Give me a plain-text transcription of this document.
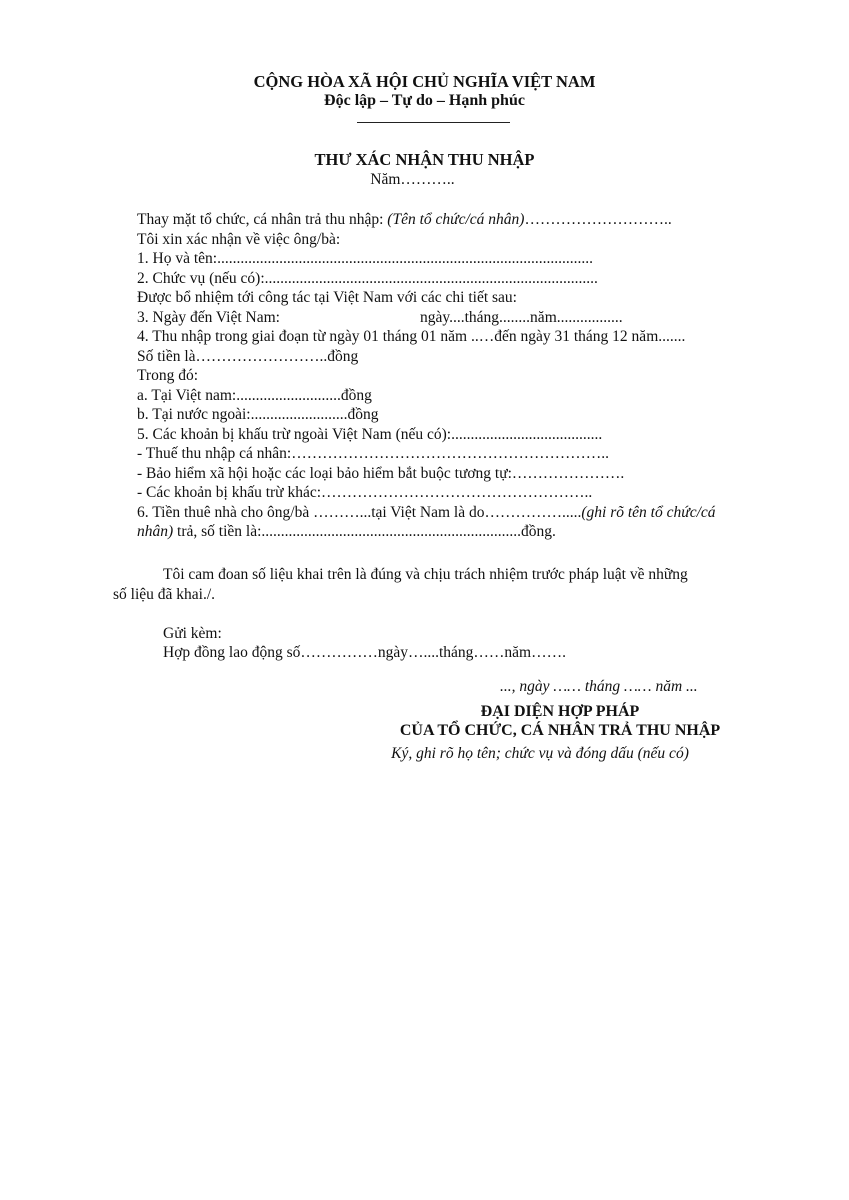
CỘNG HÒA XÃ HỘI CHỦ NGHĨA VIỆT NAM
Độc lập – Tự do – Hạnh phúc
THƯ XÁC NHẬN THU NHẬP
Năm………..
Thay mặt tổ chức, cá nhân trả thu nhập: (Tên tổ chức/cá nhân)………………………..
Tôi xin xác nhận về việc ông/bà:
1. Họ và tên:.................................................................................................
2. Chức vụ (nếu có):......................................................................................
Được bổ nhiệm tới công tác tại Việt Nam với các chi tiết sau:
3. Ngày đến Việt Nam:	ngày....tháng........năm.................
4. Thu nhập trong giai đoạn từ ngày 01 tháng 01 năm ..…đến ngày 31 tháng 12 năm.......
Số tiền là……………………..đồng
Trong đó:
a. Tại Việt nam:...........................đồng
b. Tại nước ngoài:.........................đồng
5. Các khoản bị khấu trừ ngoài Việt Nam (nếu có):.......................................
- Thuế thu nhập cá nhân:……………………………………………………..
- Bảo hiểm xã hội hoặc các loại bảo hiểm bắt buộc tương tự:………………….
- Các khoản bị khấu trừ khác:……………………………………………..
6. Tiền thuê nhà cho ông/bà ………...tại Việt Nam là do…………….....(ghi rõ tên tổ chức/cá
nhân) trả, số tiền là:...................................................................đồng.
Tôi cam đoan số liệu khai trên là đúng và chịu trách nhiệm trước pháp luật về những
số liệu đã khai./.
Gửi kèm:
Hợp đồng lao động số……………ngày…....tháng……năm…….
..., ngày …… tháng …… năm ...
ĐẠI DIỆN HỢP PHÁP
CỦA TỔ CHỨC, CÁ NHÂN TRẢ THU NHẬP
Ký, ghi rõ họ tên; chức vụ và đóng dấu (nếu có)
